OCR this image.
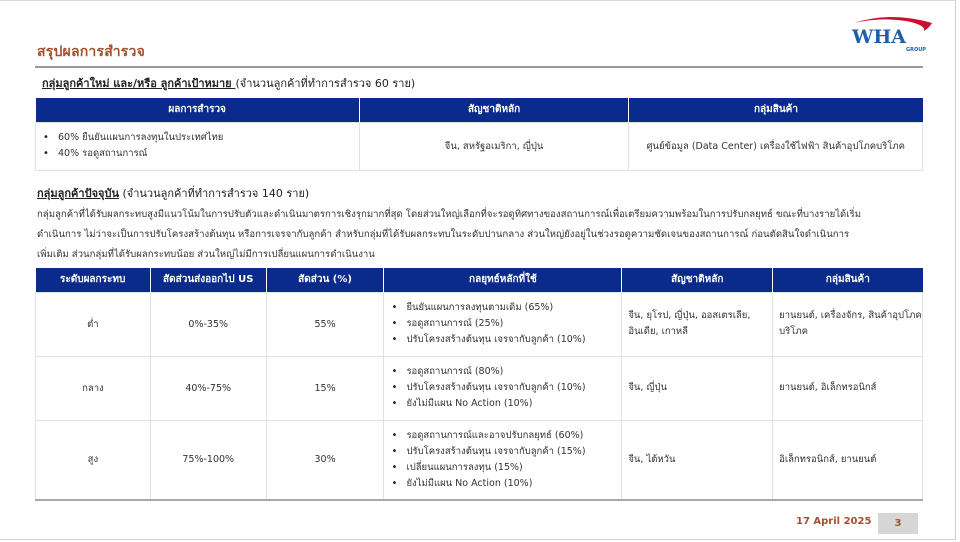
สรุปผลการสำรวจ
WHA
GROUP
กลุ่มลูกค้าใหม่ และ/หรือ ลูกค้าเป้าหมาย (จำนวนลูกค้าที่ทำการสำรวจ 60 ราย)
ผลการสำรวจ	สัญชาติหลัก	กลุ่มสินค้า

• 60% ยืนยันแผนการลงทุนในประเทศไทย
• 40% รอดูสถานการณ์
	จีน, สหรัฐอเมริกา, ญี่ปุ่น	ศูนย์ข้อมูล (Data Center) เครื่องใช้ไฟฟ้า สินค้าอุปโภคบริโภค
กลุ่มลูกค้าปัจจุบัน (จำนวนลูกค้าที่ทำการสำรวจ 140 ราย)
กลุ่มลูกค้าที่ได้รับผลกระทบสูงมีแนวโน้มในการปรับตัวและดำเนินมาตรการเชิงรุกมากที่สุด โดยส่วนใหญ่เลือกที่จะรอดูทิศทางของสถานการณ์เพื่อเตรียมความพร้อมในการปรับกลยุทธ์ ขณะที่บางรายได้เริ่ม
ดำเนินการ ไม่ว่าจะเป็นการปรับโครงสร้างต้นทุน หรือการเจรจากับลูกค้า สำหรับกลุ่มที่ได้รับผลกระทบในระดับปานกลาง ส่วนใหญ่ยังอยู่ในช่วงรอดูความชัดเจนของสถานการณ์ ก่อนตัดสินใจดำเนินการ
เพิ่มเติม ส่วนกลุ่มที่ได้รับผลกระทบน้อย ส่วนใหญ่ไม่มีการเปลี่ยนแผนการดำเนินงาน
ระดับผลกระทบ	สัดส่วนส่งออกไป US	สัดส่วน (%)	กลยุทธ์หลักที่ใช้	สัญชาติหลัก	กลุ่มสินค้า
ต่ำ	0%-35%	55%	
• ยืนยันแผนการลงทุนตามเดิม (65%)
• รอดูสถานการณ์ (25%)
• ปรับโครงสร้างต้นทุน เจรจากับลูกค้า (10%)
	จีน, ยุโรป, ญี่ปุ่น, ออสเตรเลีย, อินเดีย, เกาหลี	ยานยนต์, เครื่องจักร, สินค้าอุปโภคบริโภค
กลาง	40%-75%	15%	
• รอดูสถานการณ์ (80%)
• ปรับโครงสร้างต้นทุน เจรจากับลูกค้า (10%)
• ยังไม่มีแผน No Action (10%)
	จีน, ญี่ปุ่น	ยานยนต์, อิเล็กทรอนิกส์
สูง	75%-100%	30%	
• รอดูสถานการณ์และอาจปรับกลยุทธ์ (60%)
• ปรับโครงสร้างต้นทุน เจรจากับลูกค้า (15%)
• เปลี่ยนแผนการลงทุน (15%)
• ยังไม่มีแผน No Action (10%)
	จีน, ไต้หวัน	อิเล็กทรอนิกส์, ยานยนต์
17 April 2025	3
